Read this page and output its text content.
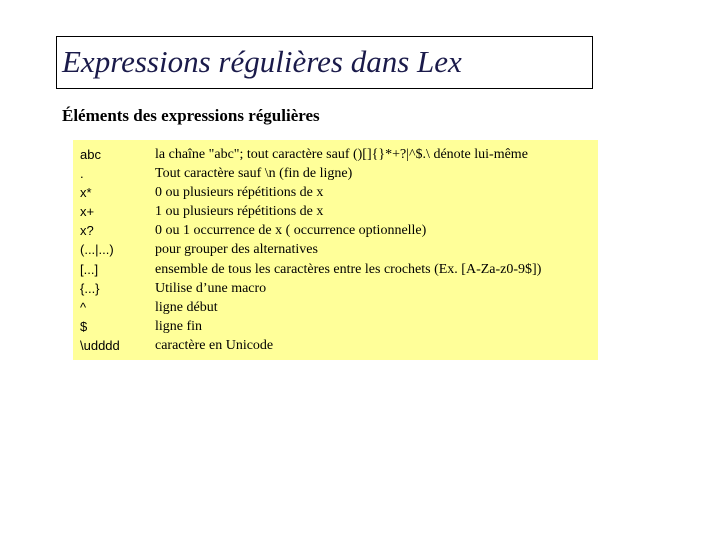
Expressions régulières dans Lex
Éléments des expressions régulières
abc	la chaîne "abc"; tout caractère sauf ()[]{}*+?|^$.\ dénote lui-même
.	Tout caractère sauf \n (fin de ligne)
x*	0 ou plusieurs répétitions de x
x+	1 ou plusieurs répétitions de x
x?	0 ou 1 occurrence de x ( occurrence optionnelle)
(...|...)	pour grouper des alternatives
[...]	ensemble de tous les caractères entre les crochets (Ex. [A-Za-z0-9$])
{...}	Utilise d’une macro
^	ligne début
$	ligne fin
\udddd	caractère en Unicode
